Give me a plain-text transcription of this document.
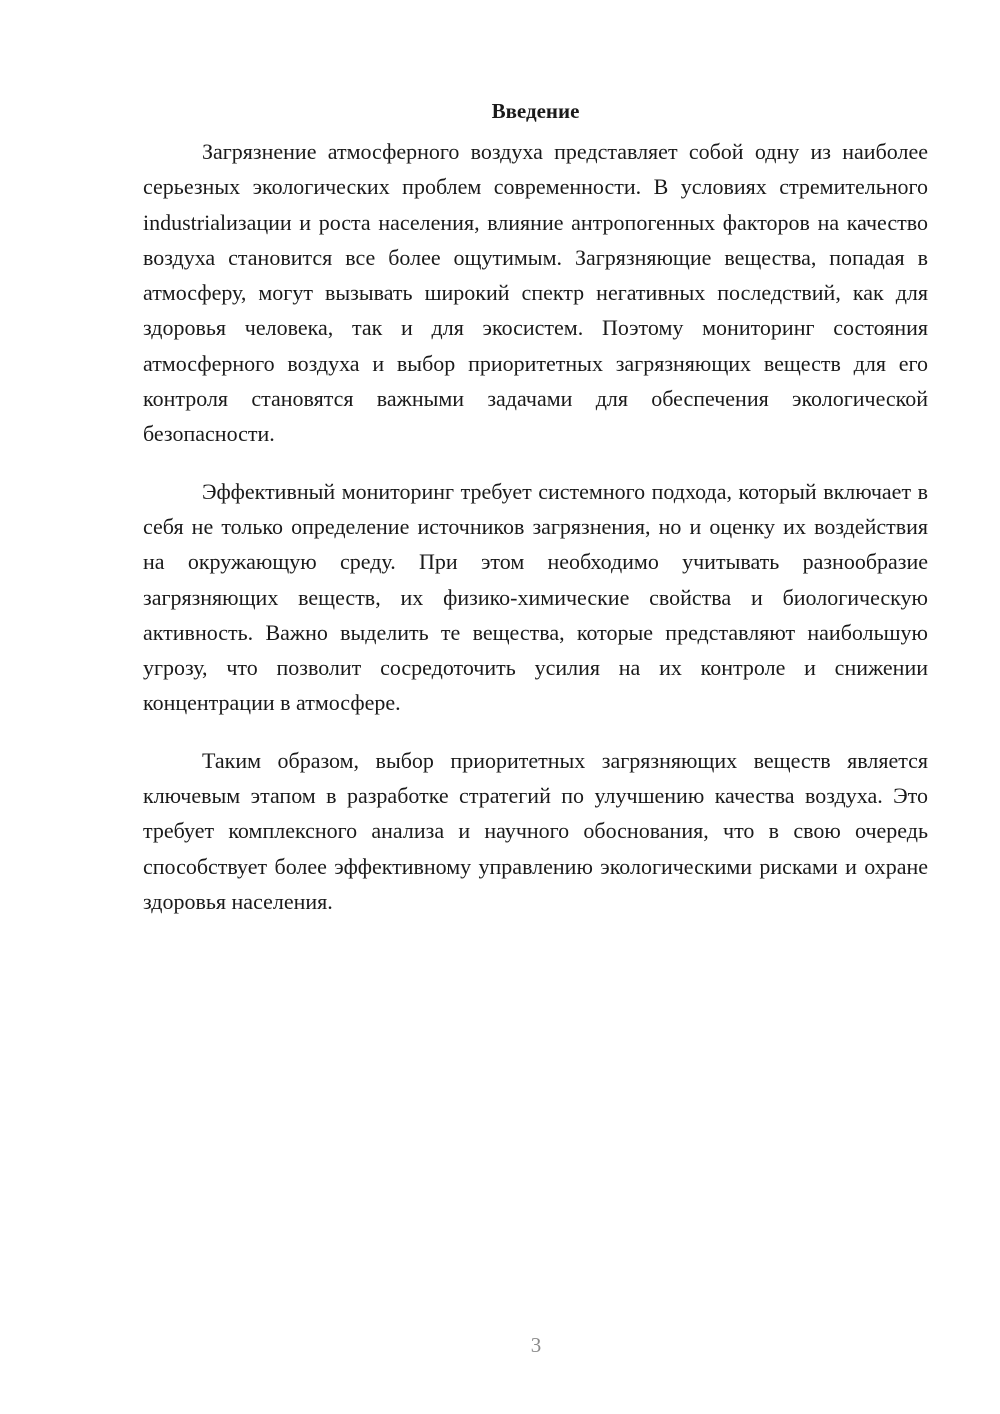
Введение

Загрязнение атмосферного воздуха представляет собой одну из наиболее серьезных экологических проблем современности. В условиях стремительного industrialизации и роста населения, влияние антропогенных факторов на качество воздуха становится все более ощутимым. Загрязняющие вещества, попадая в атмосферу, могут вызывать широкий спектр негативных последствий, как для здоровья человека, так и для экосистем. Поэтому мониторинг состояния атмосферного воздуха и выбор приоритетных загрязняющих веществ для его контроля становятся важными задачами для обеспечения экологической безопасности.

Эффективный мониторинг требует системного подхода, который включает в себя не только определение источников загрязнения, но и оценку их воздействия на окружающую среду. При этом необходимо учитывать разнообразие загрязняющих веществ, их физико-химические свойства и биологическую активность. Важно выделить те вещества, которые представляют наибольшую угрозу, что позволит сосредоточить усилия на их контроле и снижении концентрации в атмосфере.

Таким образом, выбор приоритетных загрязняющих веществ является ключевым этапом в разработке стратегий по улучшению качества воздуха. Это требует комплексного анализа и научного обоснования, что в свою очередь способствует более эффективному управлению экологическими рисками и охране здоровья населения.

3
